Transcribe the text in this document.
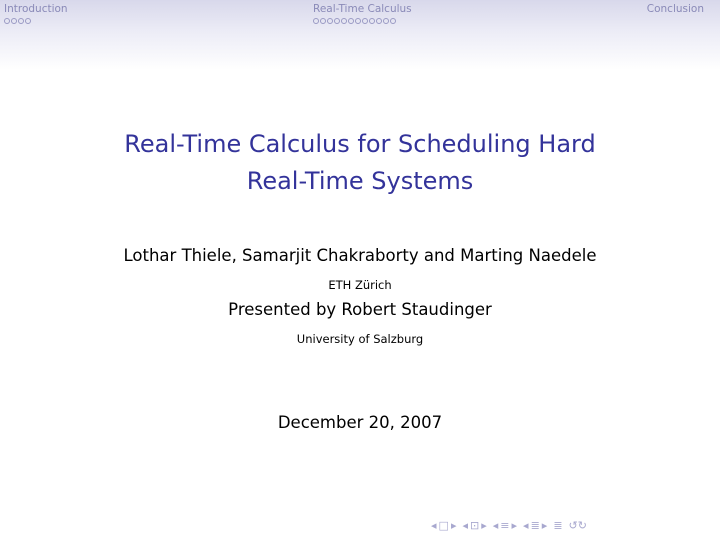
Introduction	Real-Time Calculus	Conclusion
Real-Time Calculus for Scheduling Hard
Real-Time Systems
Lothar Thiele, Samarjit Chakraborty and Marting Naedele
ETH Zürich
Presented by Robert Staudinger
University of Salzburg
December 20, 2007
◂ □ ▸ ◂ ⊡ ▸ ◂ ≡ ▸ ◂ ≣ ▸ ≣ ↺↻
